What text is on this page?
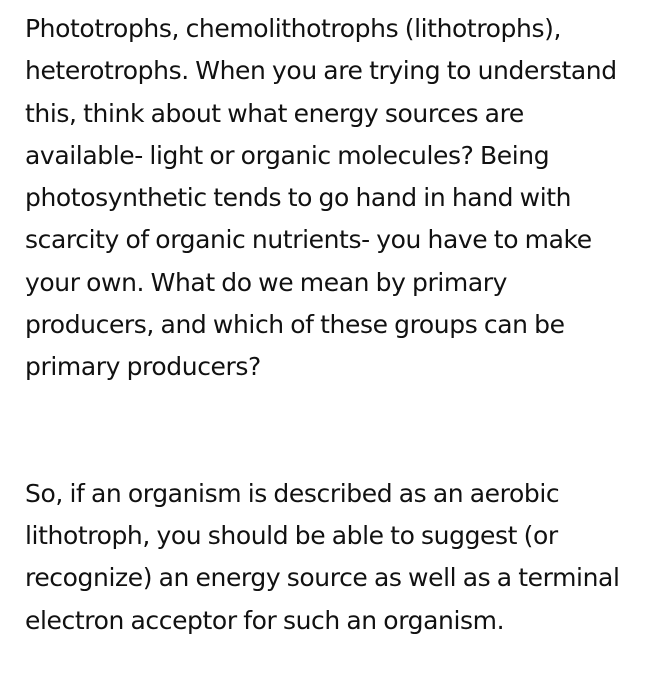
Phototrophs, chemolithotrophs (lithotrophs), heterotrophs. When you are trying to understand this, think about what energy sources are available- light or organic molecules? Being photosynthetic tends to go hand in hand with scarcity of organic nutrients- you have to make your own. What do we mean by primary producers, and which of these groups can be primary producers?

So, if an organism is described as an aerobic lithotroph, you should be able to suggest (or recognize) an energy source as well as a terminal electron acceptor for such an organism.
